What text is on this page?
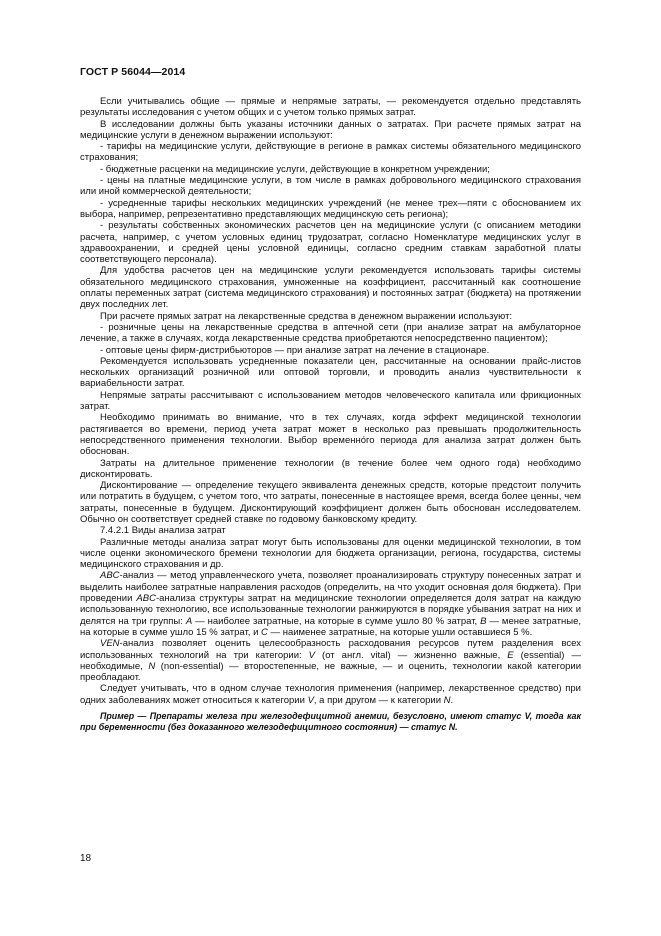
ГОСТ Р 56044—2014

Если учитывались общие — прямые и непрямые затраты, — рекомендуется отдельно представлять результаты исследования с учетом общих и с учетом только прямых затрат.

В исследовании должны быть указаны источники данных о затратах. При расчете прямых затрат на медицинские услуги в денежном выражении используют:

- тарифы на медицинские услуги, действующие в регионе в рамках системы обязательного медицинского страхования;

- бюджетные расценки на медицинские услуги, действующие в конкретном учреждении;

- цены на платные медицинские услуги, в том числе в рамках добровольного медицинского страхования или иной коммерческой деятельности;

- усредненные тарифы нескольких медицинских учреждений (не менее трех—пяти с обоснованием их выбора, например, репрезентативно представляющих медицинскую сеть региона);

- результаты собственных экономических расчетов цен на медицинские услуги (с описанием методики расчета, например, с учетом условных единиц трудозатрат, согласно Номенклатуре медицинских услуг в здравоохранении, и средней цены условной единицы, согласно средним ставкам заработной платы соответствующего персонала).

Для удобства расчетов цен на медицинские услуги рекомендуется использовать тарифы системы обязательного медицинского страхования, умноженные на коэффициент, рассчитанный как соотношение оплаты переменных затрат (система медицинского страхования) и постоянных затрат (бюджета) на протяжении двух последних лет.

При расчете прямых затрат на лекарственные средства в денежном выражении используют:

- розничные цены на лекарственные средства в аптечной сети (при анализе затрат на амбулаторное лечение, а также в случаях, когда лекарственные средства приобретаются непосредственно пациентом);

- оптовые цены фирм-дистрибьюторов — при анализе затрат на лечение в стационаре.

Рекомендуется использовать усредненные показатели цен, рассчитанные на основании прайс-листов нескольких организаций розничной или оптовой торговли, и проводить анализ чувствительности к вариабельности затрат.

Непрямые затраты рассчитывают с использованием методов человеческого капитала или фрикционных затрат.

Необходимо принимать во внимание, что в тех случаях, когда эффект медицинской технологии растягивается во времени, период учета затрат может в несколько раз превышать продолжительность непосредственного применения технологии. Выбор временно́го периода для анализа затрат должен быть обоснован.

Затраты на длительное применение технологии (в течение более чем одного года) необходимо дисконтировать.

Дисконтирование — определение текущего эквивалента денежных средств, которые предстоит получить или потратить в будущем, с учетом того, что затраты, понесенные в настоящее время, всегда более ценны, чем затраты, понесенные в будущем. Дисконтирующий коэффициент должен быть обоснован исследователем. Обычно он соответствует средней ставке по годовому банковскому кредиту.

7.4.2.1 Виды анализа затрат

Различные методы анализа затрат могут быть использованы для оценки медицинской технологии, в том числе оценки экономического бремени технологии для бюджета организации, региона, государства, системы медицинского страхования и др.

ABC-анализ — метод управленческого учета, позволяет проанализировать структуру понесенных затрат и выделить наиболее затратные направления расходов (определить, на что уходит основная доля бюджета). При проведении ABC-анализа структуры затрат на медицинские технологии определяется доля затрат на каждую использованную технологию, все использованные технологии ранжируются в порядке убывания затрат на них и делятся на три группы: A — наиболее затратные, на которые в сумме ушло 80 % затрат, B — менее затратные, на которые в сумме ушло 15 % затрат, и C — наименее затратные, на которые ушли оставшиеся 5 %.

VEN-анализ позволяет оценить целесообразность расходования ресурсов путем разделения всех использованных технологий на три категории: V (от англ. vital) — жизненно важные, E (essential) — необходимые, N (non-essential) — второстепенные, не важные, — и оценить, технологии какой категории преобладают.

Следует учитывать, что в одном случае технология применения (например, лекарственное средство) при одних заболеваниях может относиться к категории V, а при другом — к категории N.

Пример — Препараты железа при железодефицитной анемии, безусловно, имеют статус V, тогда как при беременности (без доказанного железодефицитного состояния) — статус N.

18
